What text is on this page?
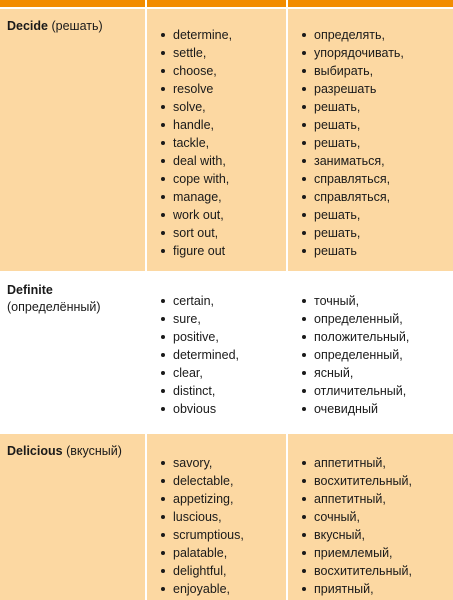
Decide (решать)
determine,
settle,
choose,
resolve
solve,
handle,
tackle,
deal with,
cope with,
manage,
work out,
sort out,
figure out
определять,
упорядочивать,
выбирать,
разрешать
решать,
решать,
решать,
заниматься,
справляться,
справляться,
решать,
решать,
решать
Definite
(определённый)	certain,
sure,
positive,
determined,
clear,
distinct,
obvious
точный,
определенный,
положительный,
определенный,
ясный,
отличительный,
очевидный
Delicious (вкусный)
savory,
delectable,
appetizing,
luscious,
scrumptious,
palatable,
delightful,
enjoyable,
аппетитный,
восхитительный,
аппетитный,
сочный,
вкусный,
приемлемый,
восхитительный,
приятный,
